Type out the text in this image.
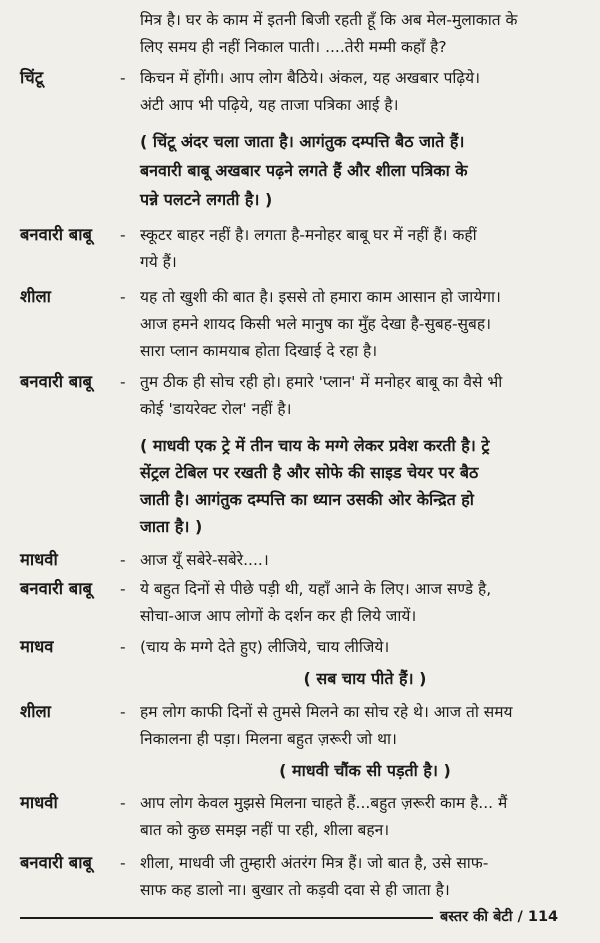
मित्र है। घर के काम में इतनी बिजी रहती हूँ कि अब मेल-मुलाकात के
लिए समय ही नहीं निकाल पाती। ....तेरी मम्मी कहाँ है?
चिंटू	- किचन में होंगी। आप लोग बैठिये। अंकल, यह अखबार पढ़िये।
अंटी आप भी पढ़िये, यह ताजा पत्रिका आई है।
( चिंटू अंदर चला जाता है। आगंतुक दम्पत्ति बैठ जाते हैं।
बनवारी बाबू अखबार पढ़ने लगते हैं और शीला पत्रिका के
पन्ने पलटने लगती है। )
बनवारी बाबू - स्कूटर बाहर नहीं है। लगता है-मनोहर बाबू घर में नहीं हैं। कहीं
गये हैं।
शीला	- यह तो खुशी की बात है। इससे तो हमारा काम आसान हो जायेगा।
आज हमने शायद किसी भले मानुष का मुँह देखा है-सुबह-सुबह।
सारा प्लान कामयाब होता दिखाई दे रहा है।
बनवारी बाबू - तुम ठीक ही सोच रही हो। हमारे 'प्लान' में मनोहर बाबू का वैसे भी
कोई 'डायरेक्ट रोल' नहीं है।
( माधवी एक ट्रे में तीन चाय के मग्गे लेकर प्रवेश करती है। ट्रे
सेंट्रल टेबिल पर रखती है और सोफे की साइड चेयर पर बैठ
जाती है। आगंतुक दम्पत्ति का ध्यान उसकी ओर केन्द्रित हो
जाता है। )
माधवी	- आज यूँ सबेरे-सबेरे....।
बनवारी बाबू - ये बहुत दिनों से पीछे पड़ी थी, यहाँ आने के लिए। आज सण्डे है,
सोचा-आज आप लोगों के दर्शन कर ही लिये जायें।
माधव	- (चाय के मग्गे देते हुए) लीजिये, चाय लीजिये।
( सब चाय पीते हैं। )
शीला	- हम लोग काफी दिनों से तुमसे मिलने का सोच रहे थे। आज तो समय
निकालना ही पड़ा। मिलना बहुत ज़रूरी जो था।
( माधवी चौंक सी पड़ती है। )
माधवी	- आप लोग केवल मुझसे मिलना चाहते हैं...बहुत ज़रूरी काम है... मैं
बात को कुछ समझ नहीं पा रही, शीला बहन।
बनवारी बाबू - शीला, माधवी जी तुम्हारी अंतरंग मित्र हैं। जो बात है, उसे साफ-
साफ कह डालो ना। बुखार तो कड़वी दवा से ही जाता है।
बस्तर की बेटी / 114
